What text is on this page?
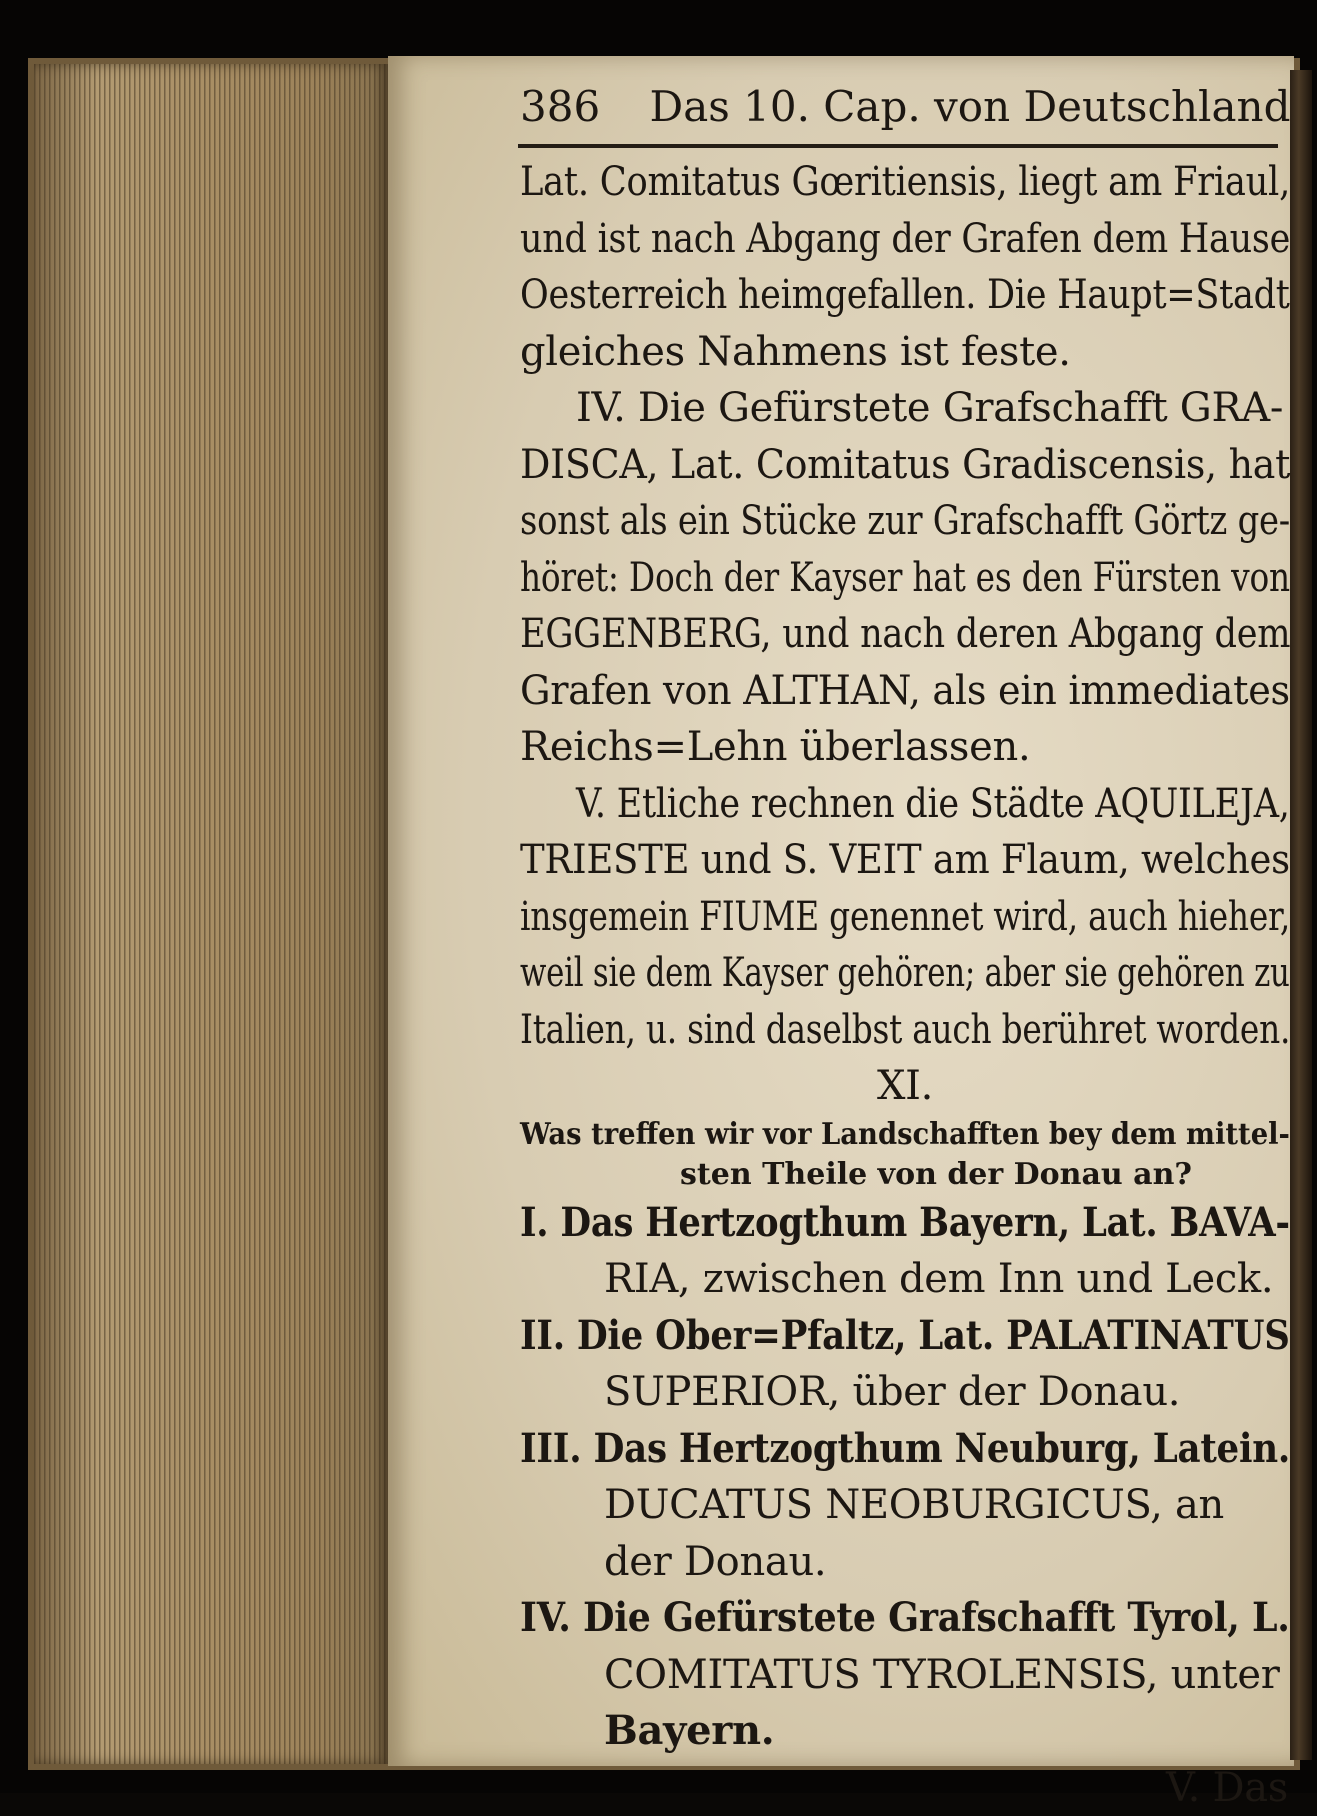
386 Das 10. Cap. von Deutschland
Lat. Comitatus Gœritiensis, liegt am Friaul,
und ist nach Abgang der Grafen dem Hause
Oesterreich heimgefallen. Die Haupt=Stadt
gleiches Nahmens ist feste.
IV. Die Gefürstete Grafschafft GRA-
DISCA, Lat. Comitatus Gradiscensis, hat
sonst als ein Stücke zur Grafschafft Görtz ge-
höret: Doch der Kayser hat es den Fürsten von
EGGENBERG, und nach deren Abgang dem
Grafen von ALTHAN, als ein immediates
Reichs=Lehn überlassen.
V. Etliche rechnen die Städte AQUILEJA,
TRIESTE und S. VEIT am Flaum, welches
insgemein FIUME genennet wird, auch hieher,
weil sie dem Kayser gehören; aber sie gehören zu
Italien, u. sind daselbst auch berühret worden.
XI.
Was treffen wir vor Landschafften bey dem mittel-
sten Theile von der Donau an?
I. Das Hertzogthum Bayern, Lat. BAVA-
RIA, zwischen dem Inn und Leck.
II. Die Ober=Pfaltz, Lat. PALATINATUS
SUPERIOR, über der Donau.
III. Das Hertzogthum Neuburg, Latein.
DUCATUS NEOBURGICUS, an
der Donau.
IV. Die Gefürstete Grafschafft Tyrol, L.
COMITATUS TYROLENSIS, unter
Bayern.
V. Das
